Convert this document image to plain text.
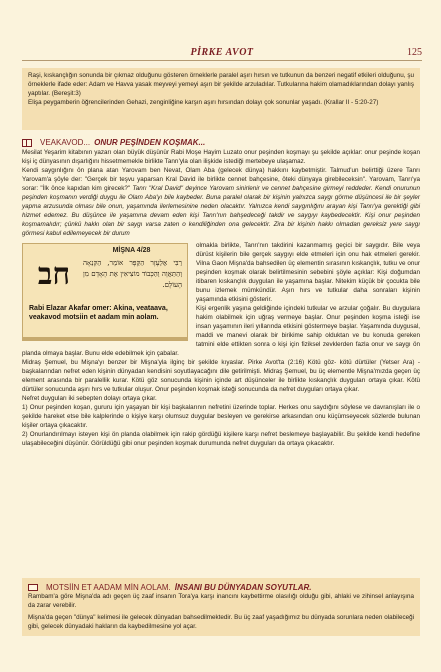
PİRKE AVOT	125

Raşi, kıskançlığın sonunda bir çıkmaz olduğunu gösteren örneklerle paralel aşırı hırsın ve tutkunun da benzeri negatif etkileri olduğunu, şu örneklerle ifade eder: Adam ve Havva yasak meyveyi yemeyi aşırı bir şekilde arzuladılar. Tutkularına hakim olamadıklarından dolayı yanlış yaptılar. (Bereşit:3)

Elişa peygamberin öğrencilerinden Gehazi, zenginliğine karşın aşırı hırsından dolayı çok sonunlar yaşadı. (Krallar II - 5:20-27)

VEAKAVOD... ONUR PEŞİNDEN KOŞMAK...

Mesilat Yeşarim kitabının yazarı olan büyük düşünür Rabi Moşe Hayim Luzato onur peşinden koşmayı şu şekilde açıklar: onur peşinde koşan kişi iç dünyasının dışarlığını hissetmemekle birlikte Tanrı'yla olan ilişkide istediği mertebeye ulaşamaz.

Kendi saygınlığını ön plana atan Yarovam ben Nevat, Olam Aba (gelecek dünya) hakkını kaybetmiştir. Talmud'un belirttiği üzere Tanrı Yarovam'a şöyle der: "Gerçek bir teşvu yaparsan Kral David ile birlikte cennet bahçesine, öteki dünyaya girebileceksin". Yarovam, Tanrı'ya sorar: "İlk önce kapıdan kim girecek?" Tanrı "Kral David" deyince Yarovam sinirlenir ve cennet bahçesine girmeyi reddeder. Kendi onurunun peşinden koşmanın verdiği duygu ile Olam Aba'yı bile kaybeder. Buna paralel olarak bir kişinin yalnızca saygı görme düşüncesi ile bir şeyler yapma arzusunda olması bile onun, yaşamında ilerlemesinine neden olacaktır. Yalnızca kendi saygınlığını arayan kişi Tanrı'ya gerektiği gibi hizmet edemez. Bu düşünce ile yaşamına devam eden kişi Tanrı'nın bahşedeceği takdir ve saygıyı kaybedecektir. Kişi onur peşinden koşmamalıdır; çünkü hakkı olan bir saygı varsa zaten o kendiliğinden ona gelecektir. Zira bir kişinin hakkı olmadan gereksiz yere saygı görmesi kabul edilemeyecek bir durum

MİŞNA 4/28
חב	רַבִּי אֶלְעָזָר הַקַּפָּר אוֹמֵר, הַקִּנְאָה וְהַתַּאֲוָה וְהַכָּבוֹד מוֹצִיאִין אֶת הָאָדָם מִן הָעוֹלָם.
Rabi Elazar Akafar omer: Akina, veataava, veakavod motsiin et aadam min aolam.

olmakla birlikte, Tanrı'nın takdirini kazanmamış geçici bir saygıdır. Bile veya dürüst kişilerin bile gerçek saygıyı elde etmeleri için onu hak etmeleri gerekir. Vilna Gaon Mişna'da bahsedilen üç elementin sırasının kıskançlık, tutku ve onur peşinden koşmak olarak belirtilmesinin sebebini şöyle açıklar: Kişi doğumdan itibaren kıskançlık duyguları ile yaşamına başlar. Nitekim küçük bir çocukta bile bunu izlemek mümkündür. Aşırı hırs ve tutkular daha sonraları kişinin yaşamında etkisini gösterir.

Kişi ergenlik yaşına geldiğinde içindeki tutkular ve arzular çoğalır. Bu duygulara hakim olabilmek için uğraş vermeye başlar. Onur peşinden koşma isteği ise insan yaşamının ileri yıllarında etkisini göstermeye başlar. Yaşamında duygusal, maddi ve manevi olarak bir birikime sahip olduktan ve bu konuda gereken tatmini elde ettikten sonra o kişi için fiziksel zevklerden fazla onur ve saygı ön planda olmaya başlar. Bunu elde edebilmek için çabalar.

Midraş Şemuel, bu Mişna'yı benzer bir Mişna'yla ilginç bir şekilde kıyaslar. Pirke Avot'ta (2:16) Kötü göz- kötü dürtüler (Yetser Ara) - başkalarından nefret eden kişinin dünyadan kendisini soyutlayacağını dile getirilmişti. Midraş Şemuel, bu üç elementle Mişna'mızda geçen üç element arasında bir paralellik kurar. Kötü göz sonucunda kişinin içinde art düşünceler ile birlikte kıskançlık duyguları ortaya çıkar. Kötü dürtüler sonucunda aşırı hırs ve tutkular oluşur. Onur peşinden koşmak isteği sonucunda da nefret duyguları ortaya çıkar.

Nefret duyguları iki sebepten dolayı ortaya çıkar.

1) Onur peşinden koşan, gururu için yaşayan bir kişi başkalarının nefretini üzerinde toplar. Herkes onu saydığını söylese ve davranışları ile o şekilde hareket etse bile kalplerinde o kişiye karşı olumsuz duygular besleyen ve gerekirse arkasından onu küçümseyecek sözlerde bulunan kişiler ortaya çıkacaktır.

2) Onurlandırılmayı isteyen kişi ön planda olabilmek için rakip gördüğü kişilere karşı nefret beslemeye başlayabilir. Bu şekilde kendi hedefine ulaşabileceğini düşünür. Görüldüğü gibi onur peşinden koşmak durumunda nefret duyguları da ortaya çıkacaktır.

MOTSİİN ET AADAM MİN AOLAM. İNSANI BU DÜNYADAN SOYUTLAR.

Rambam'a göre Mişna'da adı geçen üç zaaf insanın Tora'ya karşı inancını kaybettirme olasılığı olduğu gibi, ahlaki ve zihinsel anlayışına da zarar verebilir.

Mişna'da geçen "dünya" kelimesi ile gelecek dünyadan bahsedilmektedir. Bu üç zaaf yaşadığımız bu dünyada sorunlara neden olabileceği gibi, gelecek dünyadaki hakların da kaybedilmesine yol açar.
